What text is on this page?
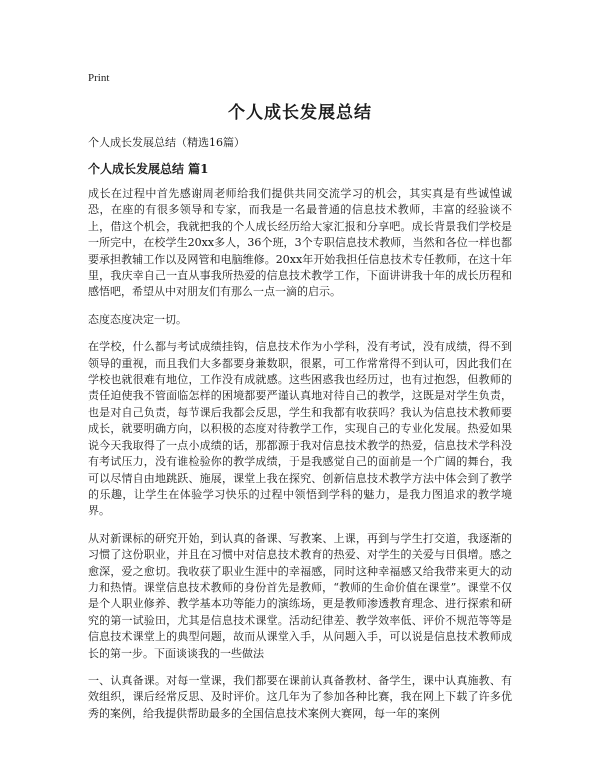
Print
个人成长发展总结
个人成长发展总结（精选16篇）
个人成长发展总结 篇1

成长在过程中首先感谢周老师给我们提供共同交流学习的机会，其实真是有些诚惶诚恐，在座的有很多领导和专家，而我是一名最普通的信息技术教师，丰富的经验谈不上，借这个机会，我就把我的个人成长经历给大家汇报和分享吧。成长背景我们学校是一所完中，在校学生20xx多人，36个班，3个专职信息技术教师，当然和各位一样也都要承担教辅工作以及网管和电脑维修。20xx年开始我担任信息技术专任教师，在这十年里，我庆幸自己一直从事我所热爱的信息技术教学工作，下面讲讲我十年的成长历程和感悟吧，希望从中对朋友们有那么一点一滴的启示。

态度态度决定一切。

在学校，什么都与考试成绩挂钩，信息技术作为小学科，没有考试，没有成绩，得不到领导的重视，而且我们大多都要身兼数职，很累，可工作常常得不到认可，因此我们在学校也就很难有地位，工作没有成就感。这些困惑我也经历过，也有过抱怨，但教师的责任迫使我不管面临怎样的困境都要严谨认真地对待自己的教学，这既是对学生负责，也是对自己负责，每节课后我都会反思，学生和我都有收获吗？我认为信息技术教师要成长，就要明确方向，以积极的态度对待教学工作，实现自己的专业化发展。热爱如果说今天我取得了一点小成绩的话，那都源于我对信息技术教学的热爱，信息技术学科没有考试压力，没有谁检验你的教学成绩，于是我感觉自己的面前是一个广阔的舞台，我可以尽情自由地跳跃、施展，课堂上我在探究、创新信息技术教学方法中体会到了教学的乐趣，让学生在体验学习快乐的过程中领悟到学科的魅力，是我力图追求的教学境界。

从对新课标的研究开始，到认真的备课、写教案、上课，再到与学生打交道，我逐渐的习惯了这份职业，并且在习惯中对信息技术教育的热爱、对学生的关爱与日俱增。感之愈深，爱之愈切。我收获了职业生涯中的幸福感，同时这种幸福感又给我带来更大的动力和热情。课堂信息技术教师的身份首先是教师，“教师的生命价值在课堂”。课堂不仅是个人职业修养、教学基本功等能力的演练场，更是教师渗透教育理念、进行探索和研究的第一试验田，尤其是信息技术课堂。活动纪律差、教学效率低、评价不规范等等是信息技术课堂上的典型问题，故而从课堂入手，从问题入手，可以说是信息技术教师成长的第一步。下面谈谈我的一些做法

一、认真备课。对每一堂课，我们都要在课前认真备教材、备学生，课中认真施教、有效组织，课后经常反思、及时评价。这几年为了参加各种比赛，我在网上下载了许多优秀的案例，给我提供帮助最多的全国信息技术案例大赛网，每一年的案例
